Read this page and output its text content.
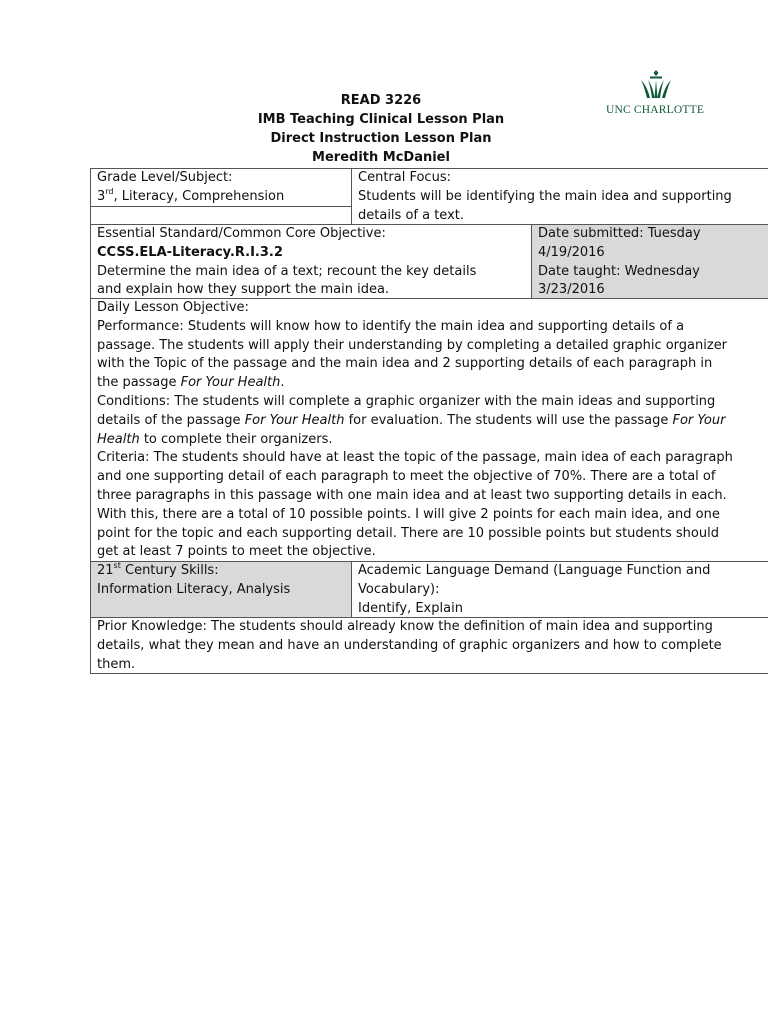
UNC CHARLOTTE
READ 3226
IMB Teaching Clinical Lesson Plan
Direct Instruction Lesson Plan
Meredith McDaniel

Grade Level/Subject:

3rd, Literacy, Comprehension

Central Focus:

Students will be identifying the main idea and supporting

details of a text.

Essential Standard/Common Core Objective:

CCSS.ELA-Literacy.R.I.3.2

Determine the main idea of a text; recount the key details

and explain how they support the main idea.

Date submitted: Tuesday

4/19/2016

Date taught: Wednesday

3/23/2016

Daily Lesson Objective:

Performance: Students will know how to identify the main idea and supporting details of a

passage. The students will apply their understanding by completing a detailed graphic organizer

with the Topic of the passage and the main idea and 2 supporting details of each paragraph in

the passage For Your Health.

Conditions: The students will complete a graphic organizer with the main ideas and supporting

details of the passage For Your Health for evaluation. The students will use the passage For Your

Health to complete their organizers.

Criteria: The students should have at least the topic of the passage, main idea of each paragraph

and one supporting detail of each paragraph to meet the objective of 70%. There are a total of

three paragraphs in this passage with one main idea and at least two supporting details in each.

With this, there are a total of 10 possible points. I will give 2 points for each main idea, and one

point for the topic and each supporting detail. There are 10 possible points but students should

get at least 7 points to meet the objective.

21st Century Skills:

Information Literacy, Analysis

Academic Language Demand (Language Function and

Vocabulary):

Identify, Explain

Prior Knowledge: The students should already know the definition of main idea and supporting

details, what they mean and have an understanding of graphic organizers and how to complete

them.
